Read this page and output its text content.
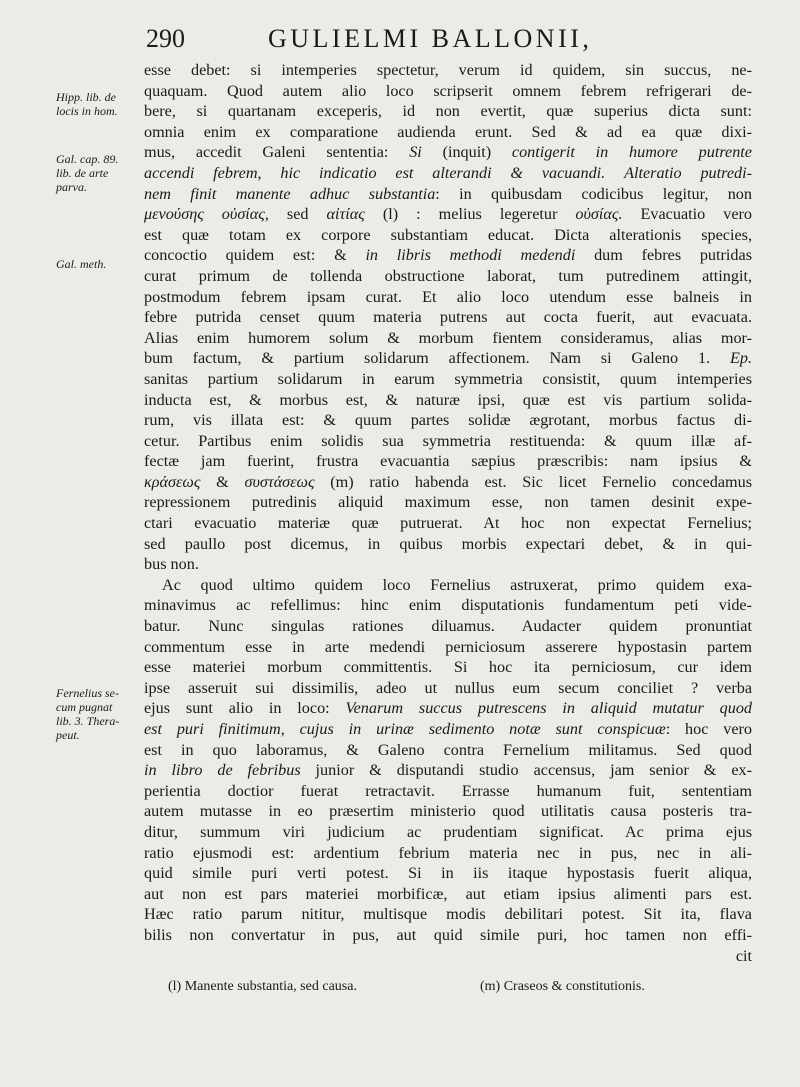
290	GULIELMI BALLONII,
Hipp. lib. de
locis in hom.
Gal. cap. 89.
lib. de arte
parva.
Gal. meth.
Fernelius se-
cum pugnat
lib. 3. Thera-
peut.
esse debet: si intemperies spectetur, verum id quidem, sin succus, ne-
quaquam. Quod autem alio loco scripserit omnem febrem refrigerari de-
bere, si quartanam exceperis, id non evertit, quæ superius dicta sunt:
omnia enim ex comparatione audienda erunt. Sed & ad ea quæ dixi-
mus, accedit Galeni sententia: Si (inquit) contigerit in humore putrente
accendi febrem, hic indicatio est alterandi & vacuandi. Alteratio putredi-
nem finit manente adhuc substantia: in quibusdam codicibus legitur, non
μενούσης οὐσίας, sed αἰτίας (l) : melius legeretur οὐσίας. Evacuatio vero
est quæ totam ex corpore substantiam educat. Dicta alterationis species,
concoctio quidem est: & in libris methodi medendi dum febres putridas
curat primum de tollenda obstructione laborat, tum putredinem attingit,
postmodum febrem ipsam curat. Et alio loco utendum esse balneis in
febre putrida censet quum materia putrens aut cocta fuerit, aut evacuata.
Alias enim humorem solum & morbum fientem consideramus, alias mor-
bum factum, & partium solidarum affectionem. Nam si Galeno 1. Ep.
sanitas partium solidarum in earum symmetria consistit, quum intemperies
inducta est, & morbus est, & naturæ ipsi, quæ est vis partium solida-
rum, vis illata est: & quum partes solidæ ægrotant, morbus factus di-
cetur. Partibus enim solidis sua symmetria restituenda: & quum illæ af-
fectæ jam fuerint, frustra evacuantia sæpius præscribis: nam ipsius &
κράσεως & συστάσεως (m) ratio habenda est. Sic licet Fernelio concedamus
repressionem putredinis aliquid maximum esse, non tamen desinit expe-
ctari evacuatio materiæ quæ putruerat. At hoc non expectat Fernelius;
sed paullo post dicemus, in quibus morbis expectari debet, & in qui-
bus non.
Ac quod ultimo quidem loco Fernelius astruxerat, primo quidem exa-
minavimus ac refellimus: hinc enim disputationis fundamentum peti vide-
batur. Nunc singulas rationes diluamus. Audacter quidem pronuntiat
commentum esse in arte medendi perniciosum asserere hypostasin partem
esse materiei morbum committentis. Si hoc ita perniciosum, cur idem
ipse asseruit sui dissimilis, adeo ut nullus eum secum conciliet ? verba
ejus sunt alio in loco: Venarum succus putrescens in aliquid mutatur quod
est puri finitimum, cujus in urinæ sedimento notæ sunt conspicuæ: hoc vero
est in quo laboramus, & Galeno contra Fernelium militamus. Sed quod
in libro de febribus junior & disputandi studio accensus, jam senior & ex-
perientia doctior fuerat retractavit. Errasse humanum fuit, sententiam
autem mutasse in eo præsertim ministerio quod utilitatis causa posteris tra-
ditur, summum viri judicium ac prudentiam significat. Ac prima ejus
ratio ejusmodi est: ardentium febrium materia nec in pus, nec in ali-
quid simile puri verti potest. Si in iis itaque hypostasis fuerit aliqua,
aut non est pars materiei morbificæ, aut etiam ipsius alimenti pars est.
Hæc ratio parum nititur, multisque modis debilitari potest. Sit ita, flava
bilis non convertatur in pus, aut quid simile puri, hoc tamen non effi-
cit
(l) Manente substantia, sed causa.	(m) Craseos & constitutionis.
